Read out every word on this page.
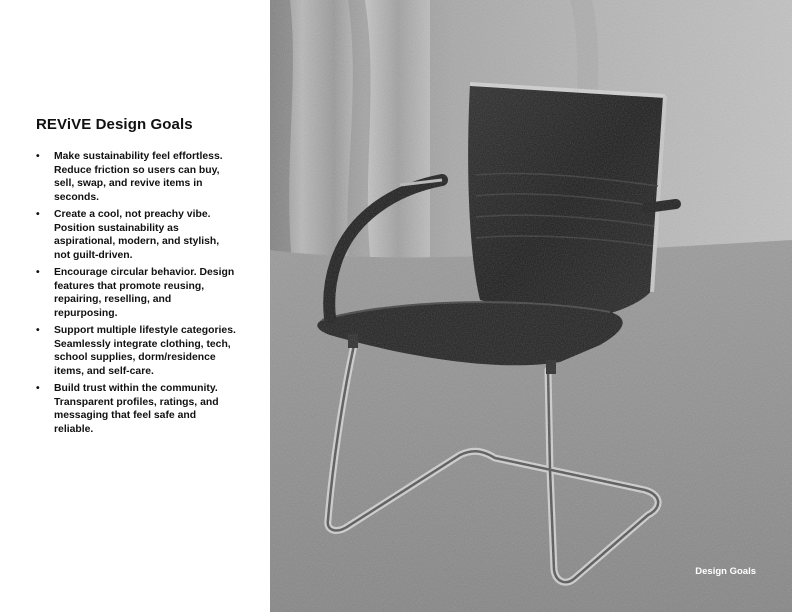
REViVE Design Goals
• Make sustainability feel effortless. Reduce friction so users can buy, sell, swap, and revive items in seconds.
• Create a cool, not preachy vibe. Position sustainability as aspirational, modern, and stylish, not guilt-driven.
• Encourage circular behavior. Design features that promote reusing, repairing, reselling, and repurposing.
• Support multiple lifestyle categories. Seamlessly integrate clothing, tech, school supplies, dorm/residence items, and self-care.
• Build trust within the community. Transparent profiles, ratings, and messaging that feel safe and reliable.
Design Goals
